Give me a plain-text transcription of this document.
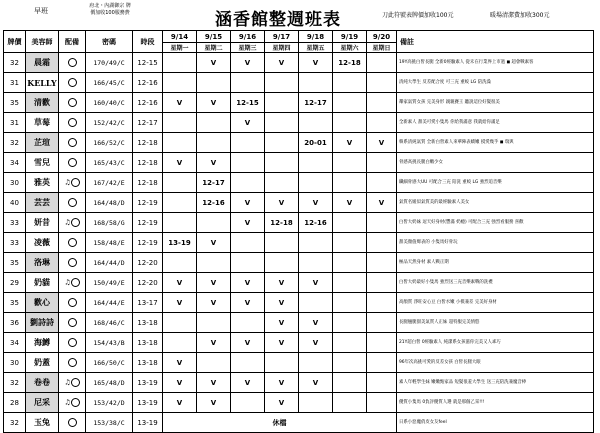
早班
府北・內湖御宗 牌
價加收100服務費	涵香館整週班表	刀此符號表牌價加收100元	暖場清潔費加收300元
牌價	美容師	配備	密碼	時段	9/14	9/15	9/16	9/17	9/18	9/19	9/20	備註
					星期一	星期二	星期三	星期四	星期五	星期六	星期日	
32	晨霜		170/49/C	12-15		V	V	V	V	12-18		19Y高挑白皙長腿 全新0經驗素人 從未在行業界上市過 ◼ 超會戰素客
31	KELLY		166/45/C	12-16								清純大學生 反差配合度 可三充 重蛟 LG 陪洗澡
35	清歡		160/40/C	12-16	V	V	12-15		12-17			鄰家氣質女孩 完美身形 親親賽王 聽說這位好髮很美
31	草莓		152/42/C	12-17			V					全新素人 甜美可愛小隻馬 你給我滿意 我就給你滿足
32	芷瑄		166/52/C	12-18					20-01	V	V	韓系清純氣質 全新白皙素人來華陣表嬌嫩 摸愛幾乎 ◼ 瑞與
34	雪兒		165/43/C	12-18	V	V						骨感高挑長腿白嫩少女
30	雅英	♫	167/42/E	12-18		12-17						纖細骨感大UU 可配合三充 陪洗 重蛟 LG 強烈追音樂
40	芸芸		164/48/D	12-19		12-16	V	V	V	V	V	氣質名媛似氣質美的最經驗素人美女
33	妍昔	♫	168/58/G	12-19			V	12-18	12-16			白皙大奶妹 逗天好身材(豐滿 奶瘾) 可配合三充 強烈看服務 喜歡
33	凌薇		158/48/E	12-19	13-19	V						甜美顏值爆表的 小隻馬好骨玩
35	洛琳		164/44/D	12-20								極品天然身材 素人戰正期
29	奶貓	♫	150/49/E	12-20	V	V	V	V	V			白皙大奶最好小隻馬 強烈送三充音樂素戰的洗禮
35	歡心		164/44/E	13-17	V	V	V	V				高顏質 淨旺安心豆 白皙水嫩 小模兼差 完美好身材
36	劉詩詩		168/46/C	13-18				V	V			長腿翹腿甜美氣質人正妹 超特服完美情慾
34	海鱒		154/43/B	13-18		V	V	V	V			21Y超白皙 0經驗素人 純潔系女孩滋你完美又人乖巧
30	奶蓋		166/50/C	13-18	V							96年次高挑可愛的反差女孩 白皙長腿大眼
32	卷卷	♫	165/48/D	13-19	V	V	V	V	V			素人年輕學生妹 嫩嫩甄家品 短髮很羞大學生 送三充陪洗兼魔音棒
28	尼采	♫	153/42/D	13-19	V	V		V				優質小隻馬 0負評優質人選 就是那個乙采!!!
32	玉兔		153/38/C	13-19	休檔							日系小惡魔俏皮女友feel
